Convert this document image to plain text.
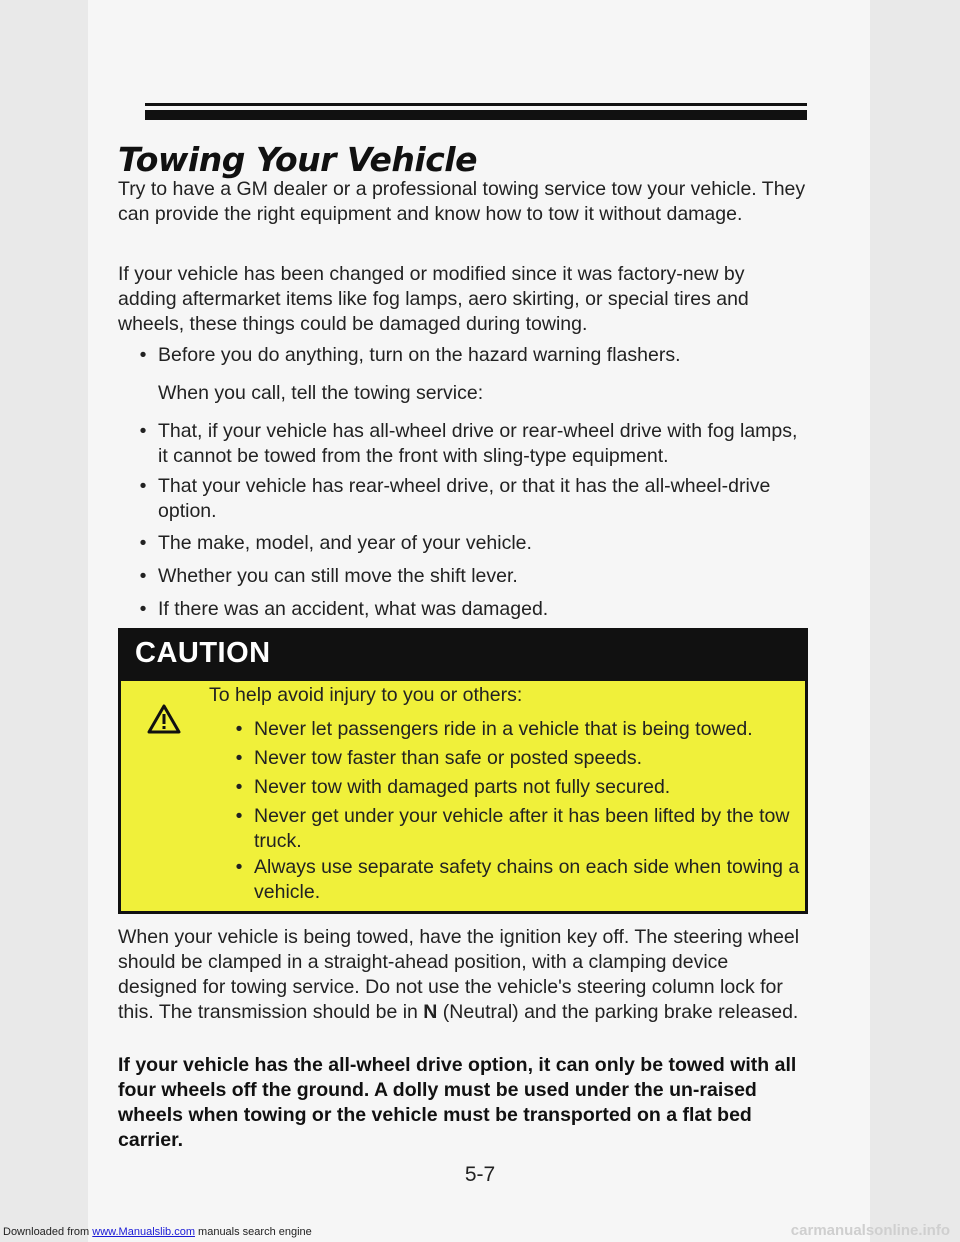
Towing Your Vehicle

Try to have a GM dealer or a professional towing service tow your vehicle. They can provide the right equipment and know how to tow it without damage.

If your vehicle has been changed or modified since it was factory-new by adding aftermarket items like fog lamps, aero skirting, or special tires and wheels, these things could be damaged during towing.

• Before you do anything, turn on the hazard warning flashers.

When you call, tell the towing service:

• That, if your vehicle has all-wheel drive or rear-wheel drive with fog lamps, it cannot be towed from the front with sling-type equipment.
• That your vehicle has rear-wheel drive, or that it has the all-wheel-drive option.
• The make, model, and year of your vehicle.
• Whether you can still move the shift lever.
• If there was an accident, what was damaged.
CAUTION
To help avoid injury to you or others:
• Never let passengers ride in a vehicle that is being towed.
• Never tow faster than safe or posted speeds.
• Never tow with damaged parts not fully secured.
• Never get under your vehicle after it has been lifted by the tow truck.
• Always use separate safety chains on each side when towing a vehicle.

When your vehicle is being towed, have the ignition key off. The steering wheel should be clamped in a straight-ahead position, with a clamping device designed for towing service. Do not use the vehicle's steering column lock for this. The transmission should be in N (Neutral) and the parking brake released.

If your vehicle has the all-wheel drive option, it can only be towed with all four wheels off the ground. A dolly must be used under the un-raised wheels when towing or the vehicle must be transported on a flat bed carrier.

5-7
Downloaded from www.Manualslib.com manuals search engine	carmanualsonline.info
